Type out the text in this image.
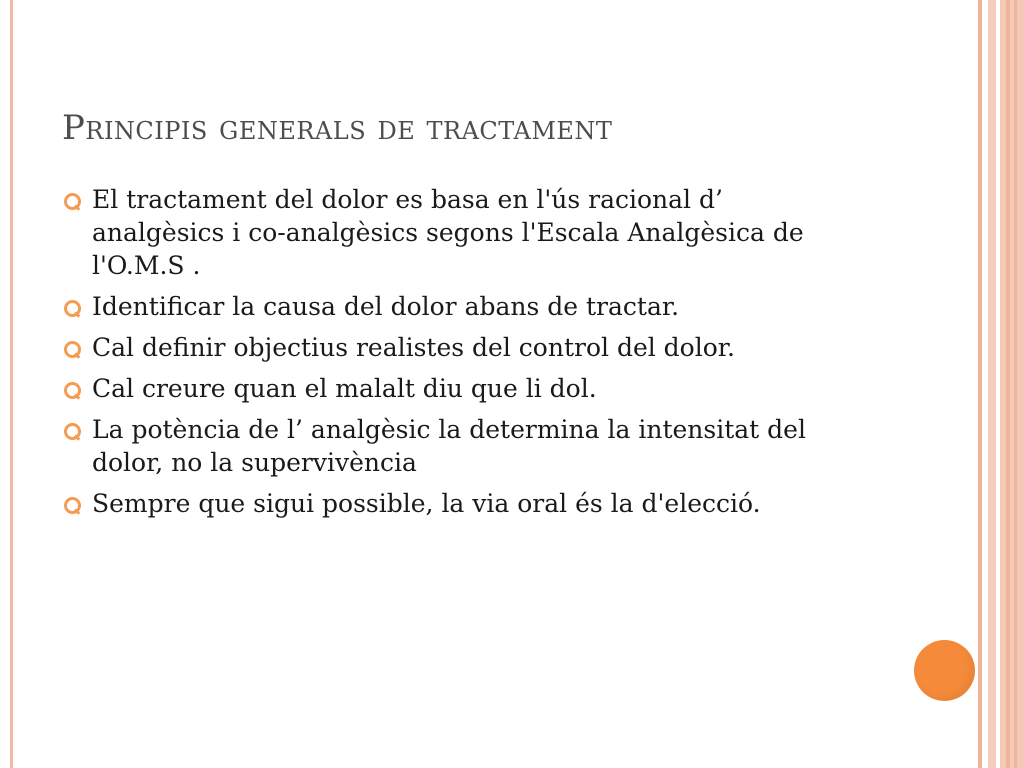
Principis generals de tractament
El tractament del dolor es basa en l'ús racional d’ analgèsics i co-analgèsics segons l'Escala Analgèsica de l'O.M.S .
Identificar la causa del dolor abans de tractar.
Cal definir objectius realistes del control del dolor.
Cal creure quan el malalt diu que li dol.
La potència de l’ analgèsic la determina la intensitat del dolor, no la supervivència
Sempre que sigui possible, la via oral és la d'elecció.
